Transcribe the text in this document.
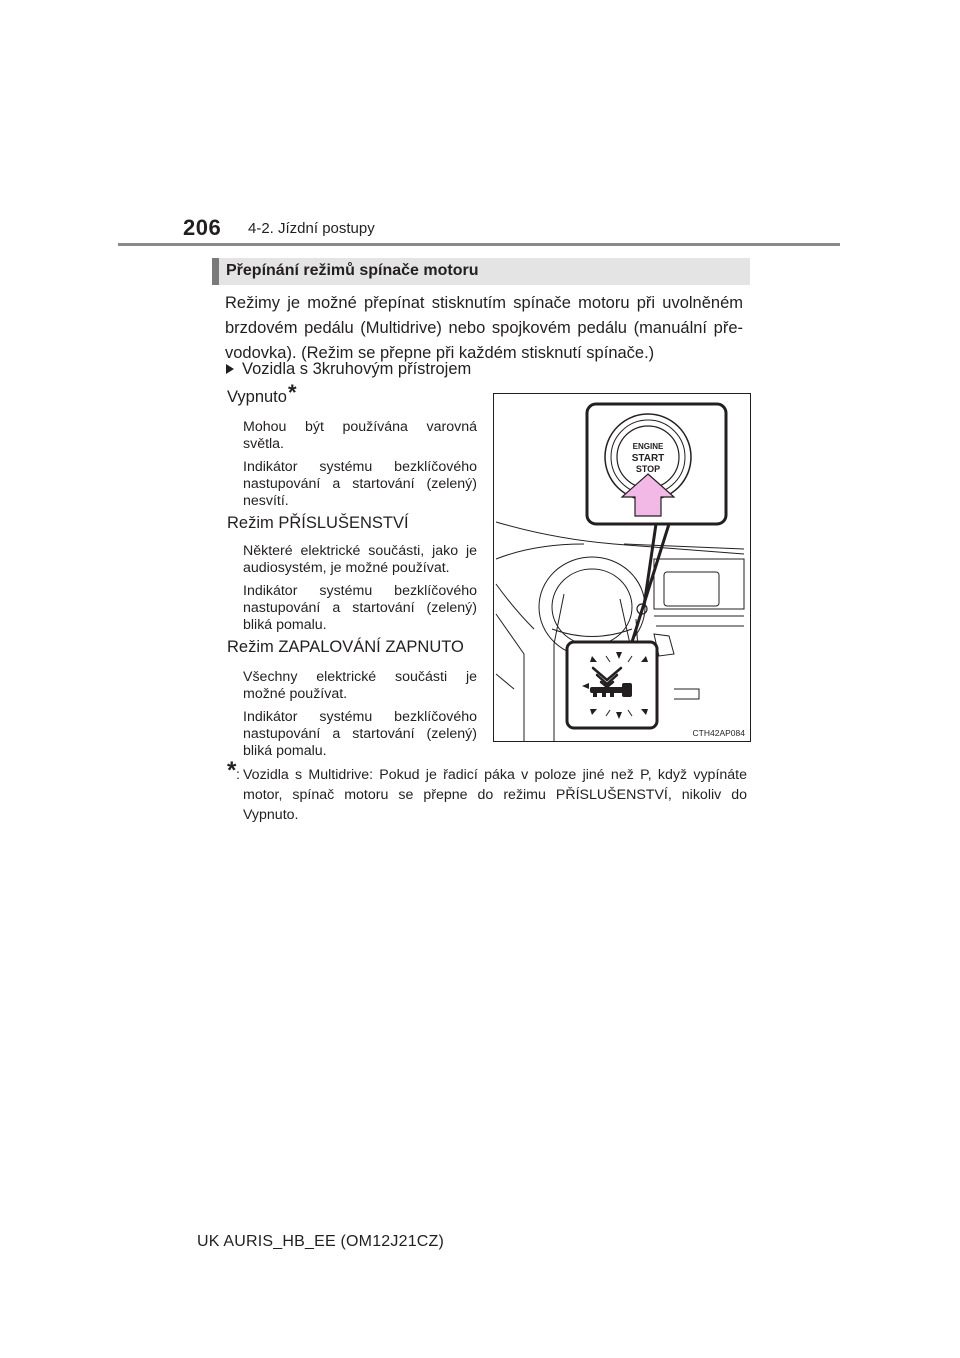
206 4-2. Jízdní postupy
Přepínání režimů spínače motoru
Režimy je možné přepínat stisknutím spínače motoru při uvolněném
brzdovém pedálu (Multidrive) nebo spojkovém pedálu (manuální pře-
vodovka). (Režim se přepne při každém stisknutí spínače.)
Vozidla s 3kruhovým přístrojem
Vypnuto*
Mohou být používána varovná světla.
Indikátor systému bezklíčového nastupování a startování (zelený) nesvítí.
Režim PŘÍSLUŠENSTVÍ
Některé elektrické součásti, jako je audiosystém, je možné používat.
Indikátor systému bezklíčového nastupování a startování (zelený) bliká pomalu.
Režim ZAPALOVÁNÍ ZAPNUTO
Všechny elektrické součásti je možné používat.
Indikátor systému bezklíčového nastupování a startování (zelený) bliká pomalu.
ENGINE
START
STOP
CTH42AP084
* : Vozidla s Multidrive: Pokud je řadicí páka v poloze jiné než P, když vypínáte motor, spínač motoru se přepne do režimu PŘÍSLUŠENSTVÍ, nikoliv do Vypnuto.
UK AURIS_HB_EE (OM12J21CZ)
